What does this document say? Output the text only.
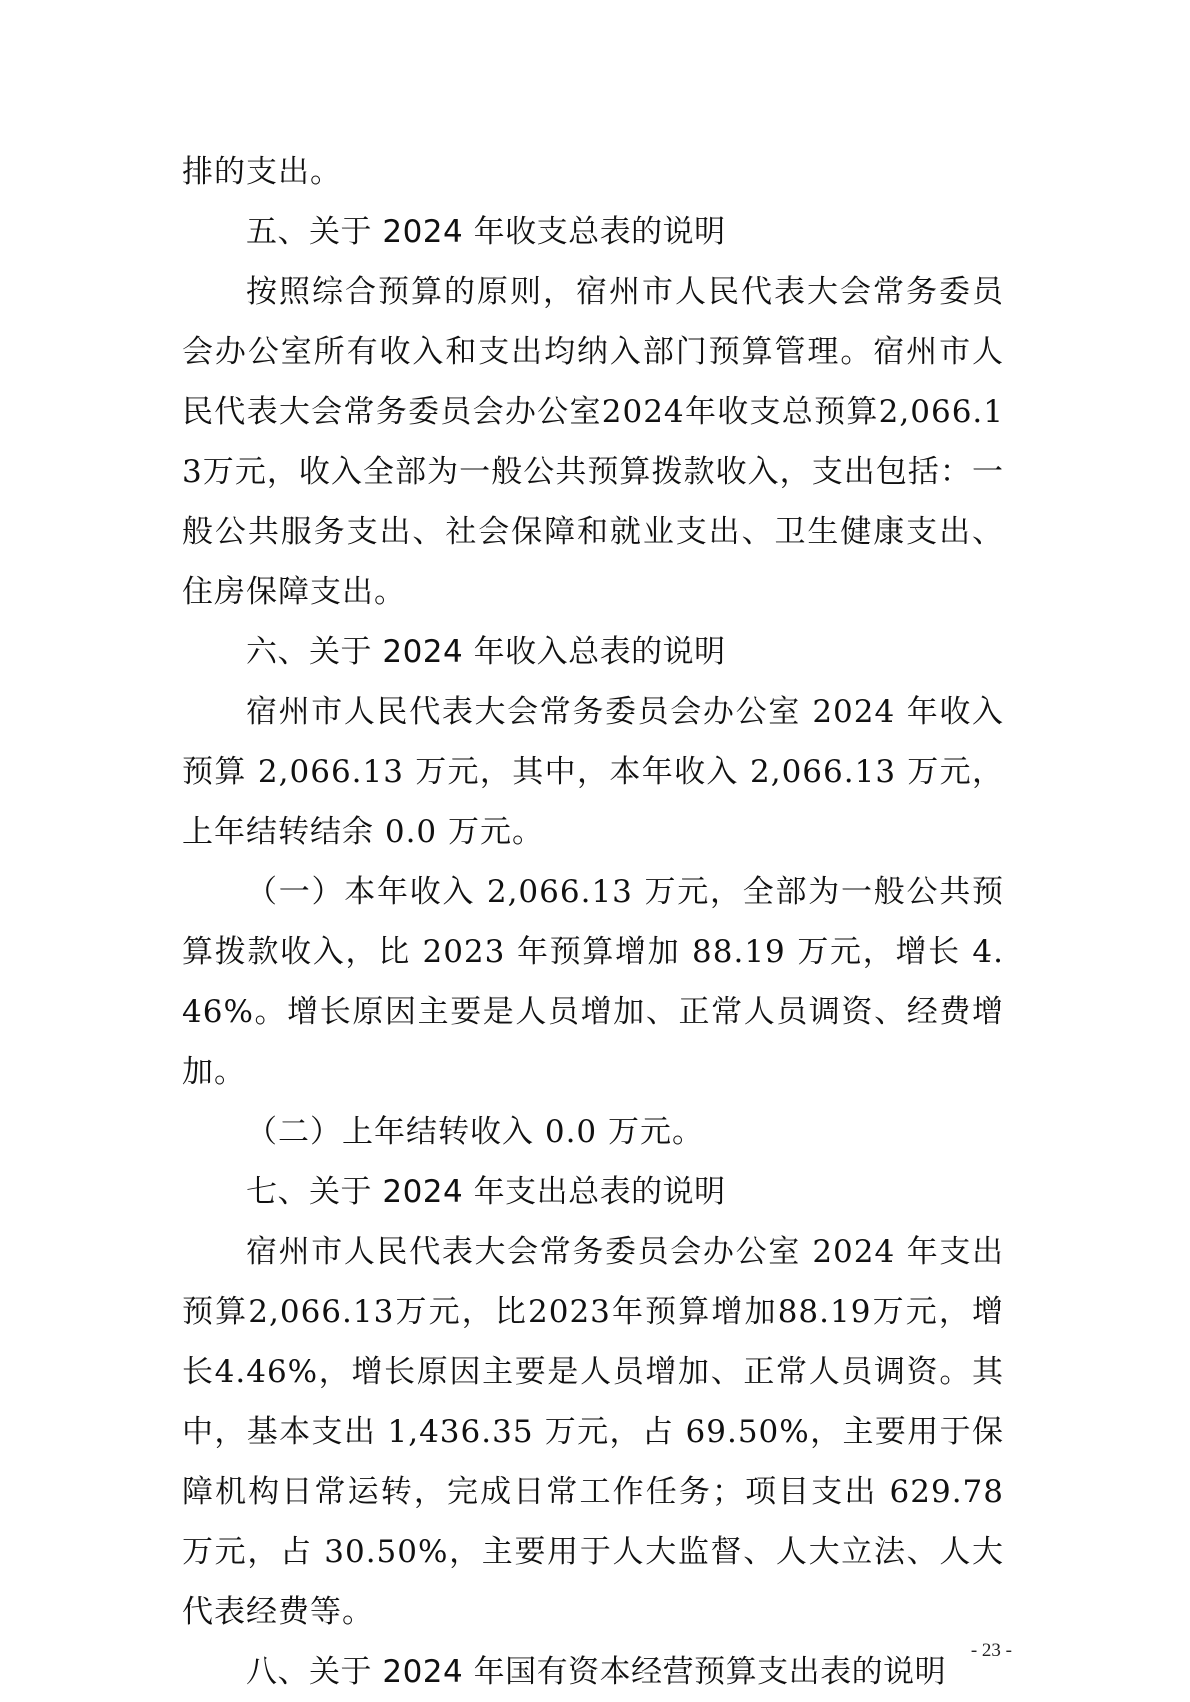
排的支出。

五、关于 2024 年收支总表的说明

按照综合预算的原则，宿州市人民代表大会常务委员会办公室所有收入和支出均纳入部门预算管理。宿州市人民代表大会常务委员会办公室2024年收支总预算2,066.13万元，收入全部为一般公共预算拨款收入，支出包括：一般公共服务支出、社会保障和就业支出、卫生健康支出、住房保障支出。

六、关于 2024 年收入总表的说明

宿州市人民代表大会常务委员会办公室 2024 年收入预算 2,066.13 万元，其中，本年收入 2,066.13 万元，上年结转结余 0.0 万元。

（一）本年收入 2,066.13 万元，全部为一般公共预算拨款收入，比 2023 年预算增加 88.19 万元，增长 4.46%。增长原因主要是人员增加、正常人员调资、经费增加。

（二）上年结转收入 0.0 万元。

七、关于 2024 年支出总表的说明

宿州市人民代表大会常务委员会办公室 2024 年支出预算2,066.13万元，比2023年预算增加88.19万元，增长4.46%，增长原因主要是人员增加、正常人员调资。其中，基本支出 1,436.35 万元，占 69.50%，主要用于保障机构日常运转，完成日常工作任务；项目支出 629.78 万元，占 30.50%，主要用于人大监督、人大立法、人大代表经费等。

八、关于 2024 年国有资本经营预算支出表的说明

- 23 -
